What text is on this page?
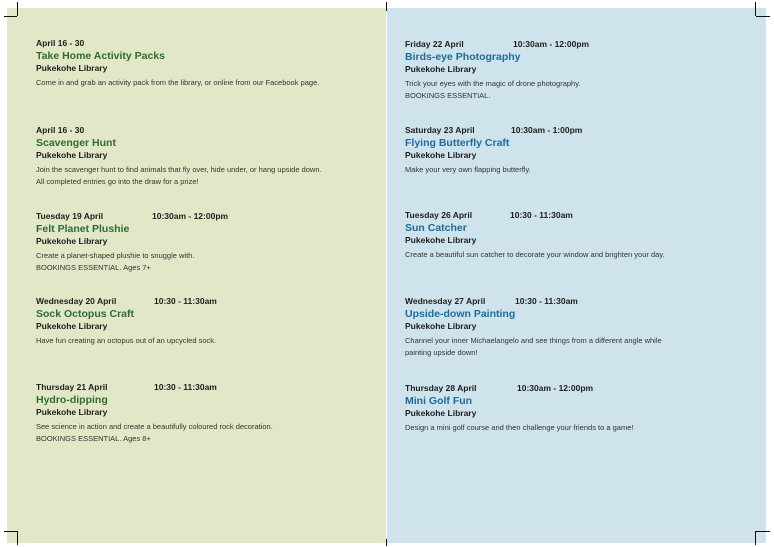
April 16 - 30
Take Home Activity Packs
Pukekohe Library
Come in and grab an activity pack from the library, or online from our Facebook page.
April 16 - 30
Scavenger Hunt
Pukekohe Library
Join the scavenger hunt to find animals that fly over, hide under, or hang upside down.
All completed entries go into the draw for a prize!
Tuesday 19 April	10:30am - 12:00pm
Felt Planet Plushie
Pukekohe Library
Create a planet-shaped plushie to snuggle with.
BOOKINGS ESSENTIAL. Ages 7+
Wednesday 20 April	10:30 - 11:30am
Sock Octopus Craft
Pukekohe Library
Have fun creating an octopus out of an upcycled sock.
Thursday 21 April	10:30 - 11:30am
Hydro-dipping
Pukekohe Library
See science in action and create a beautifully coloured rock decoration.
BOOKINGS ESSENTIAL. Ages 8+
Friday 22 April	10:30am - 12:00pm
Birds-eye Photography
Pukekohe Library
Trick your eyes with the magic of drone photography.
BOOKINGS ESSENTIAL.
Saturday 23 April	10:30am - 1:00pm
Flying Butterfly Craft
Pukekohe Library
Make your very own flapping butterfly.
Tuesday 26 April	10:30 - 11:30am
Sun Catcher
Pukekohe Library
Create a beautiful sun catcher to decorate your window and brighten your day.
Wednesday 27 April	10:30 - 11:30am
Upside-down Painting
Pukekohe Library
Channel your inner Michaelangelo and see things from a different angle while
painting upside down!
Thursday 28 April	10:30am - 12:00pm
Mini Golf Fun
Pukekohe Library
Design a mini golf course and then challenge your friends to a game!
